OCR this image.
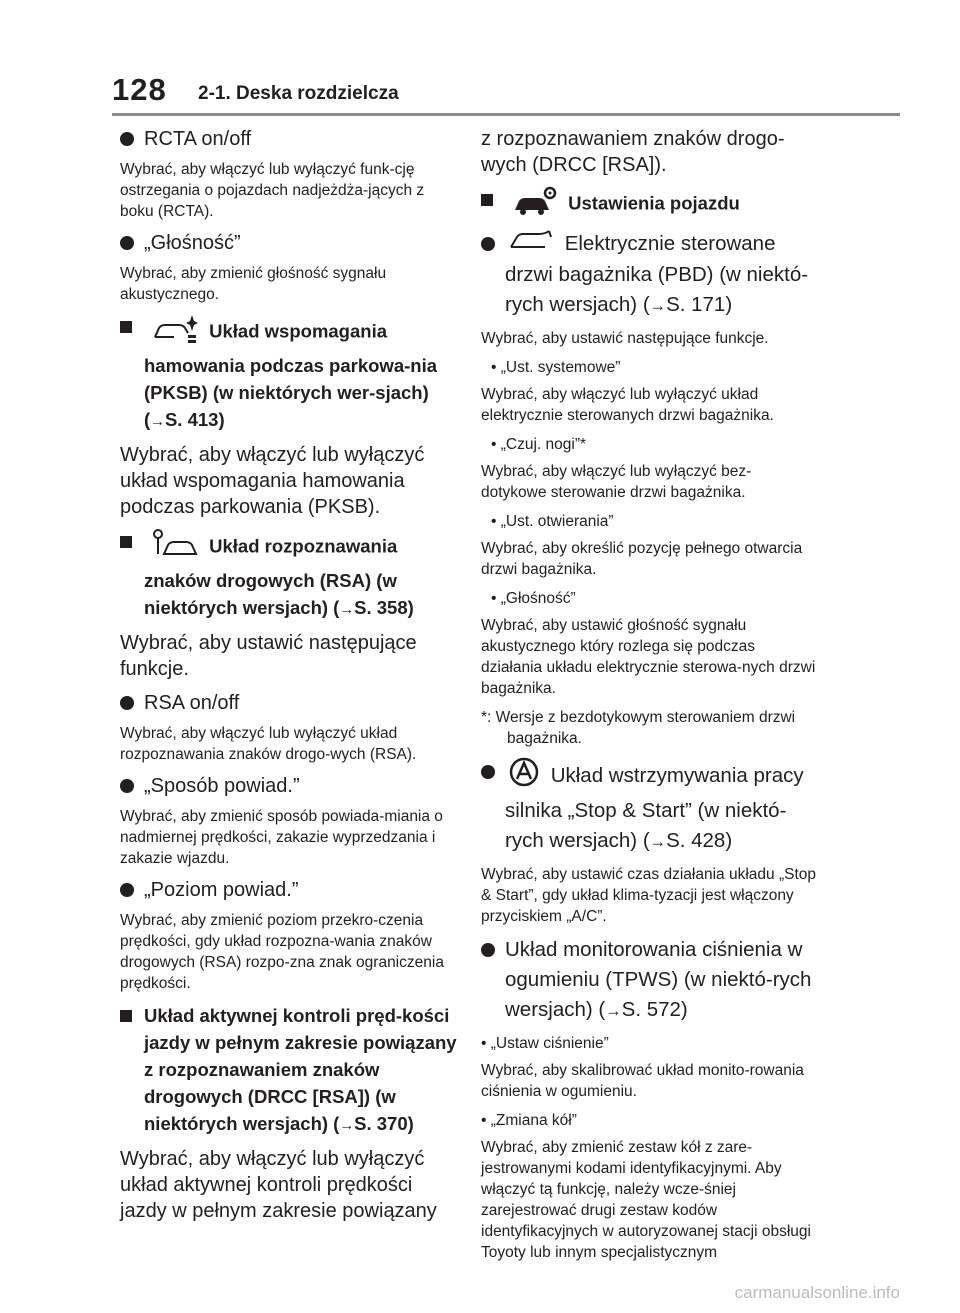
128 2-1. Deska rozdzielcza
RCTA on/off

Wybrać, aby włączyć lub wyłączyć funk-cję ostrzegania o pojazdach nadjeżdża-jących z boku (RCTA).

„Głośność”

Wybrać, aby zmienić głośność sygnału akustycznego.

Układ wspomagania hamowania podczas parkowa-nia (PKSB) (w niektórych wer-sjach) (→S. 413)

Wybrać, aby włączyć lub wyłączyć układ wspomagania hamowania podczas parkowania (PKSB).

Układ rozpoznawania znaków drogowych (RSA) (w niektórych wersjach) (→S. 358)

Wybrać, aby ustawić następujące funkcje.

RSA on/off

Wybrać, aby włączyć lub wyłączyć układ rozpoznawania znaków drogo-wych (RSA).

„Sposób powiad.”

Wybrać, aby zmienić sposób powiada-miania o nadmiernej prędkości, zakazie wyprzedzania i zakazie wjazdu.

„Poziom powiad.”

Wybrać, aby zmienić poziom przekro-czenia prędkości, gdy układ rozpozna-wania znaków drogowych (RSA) rozpo-zna znak ograniczenia prędkości.

Układ aktywnej kontroli pręd-kości jazdy w pełnym zakresie powiązany z rozpoznawaniem znaków drogowych (DRCC [RSA]) (w niektórych wersjach) (→S. 370)

Wybrać, aby włączyć lub wyłączyć układ aktywnej kontroli prędkości jazdy w pełnym zakresie powiązany

z rozpoznawaniem znaków drogo-wych (DRCC [RSA]).

Ustawienia pojazdu
Elektrycznie sterowane drzwi bagażnika (PBD) (w niektó-rych wersjach) (→S. 171)

Wybrać, aby ustawić następujące funkcje.

• „Ust. systemowe”

Wybrać, aby włączyć lub wyłączyć układ elektrycznie sterowanych drzwi bagażnika.

• „Czuj. nogi”*

Wybrać, aby włączyć lub wyłączyć bez-dotykowe sterowanie drzwi bagażnika.

• „Ust. otwierania”

Wybrać, aby określić pozycję pełnego otwarcia drzwi bagażnika.

• „Głośność”

Wybrać, aby ustawić głośność sygnału akustycznego który rozlega się podczas działania układu elektrycznie sterowa-nych drzwi bagażnika.

*: Wersje z bezdotykowym sterowaniem drzwi bagażnika.

Układ wstrzymywania pracy silnika „Stop & Start” (w niektó-rych wersjach) (→S. 428)

Wybrać, aby ustawić czas działania układu „Stop & Start”, gdy układ klima-tyzacji jest włączony przyciskiem „A/C”.

Układ monitorowania ciśnienia w ogumieniu (TPWS) (w niektó-rych wersjach) (→S. 572)

• „Ustaw ciśnienie”

Wybrać, aby skalibrować układ monito-rowania ciśnienia w ogumieniu.

• „Zmiana kół”

Wybrać, aby zmienić zestaw kół z zare-jestrowanymi kodami identyfikacyjnymi. Aby włączyć tą funkcję, należy wcze-śniej zarejestrować drugi zestaw kodów identyfikacyjnych w autoryzowanej stacji obsługi Toyoty lub innym specjalistycznym

carmanualsonline.info
